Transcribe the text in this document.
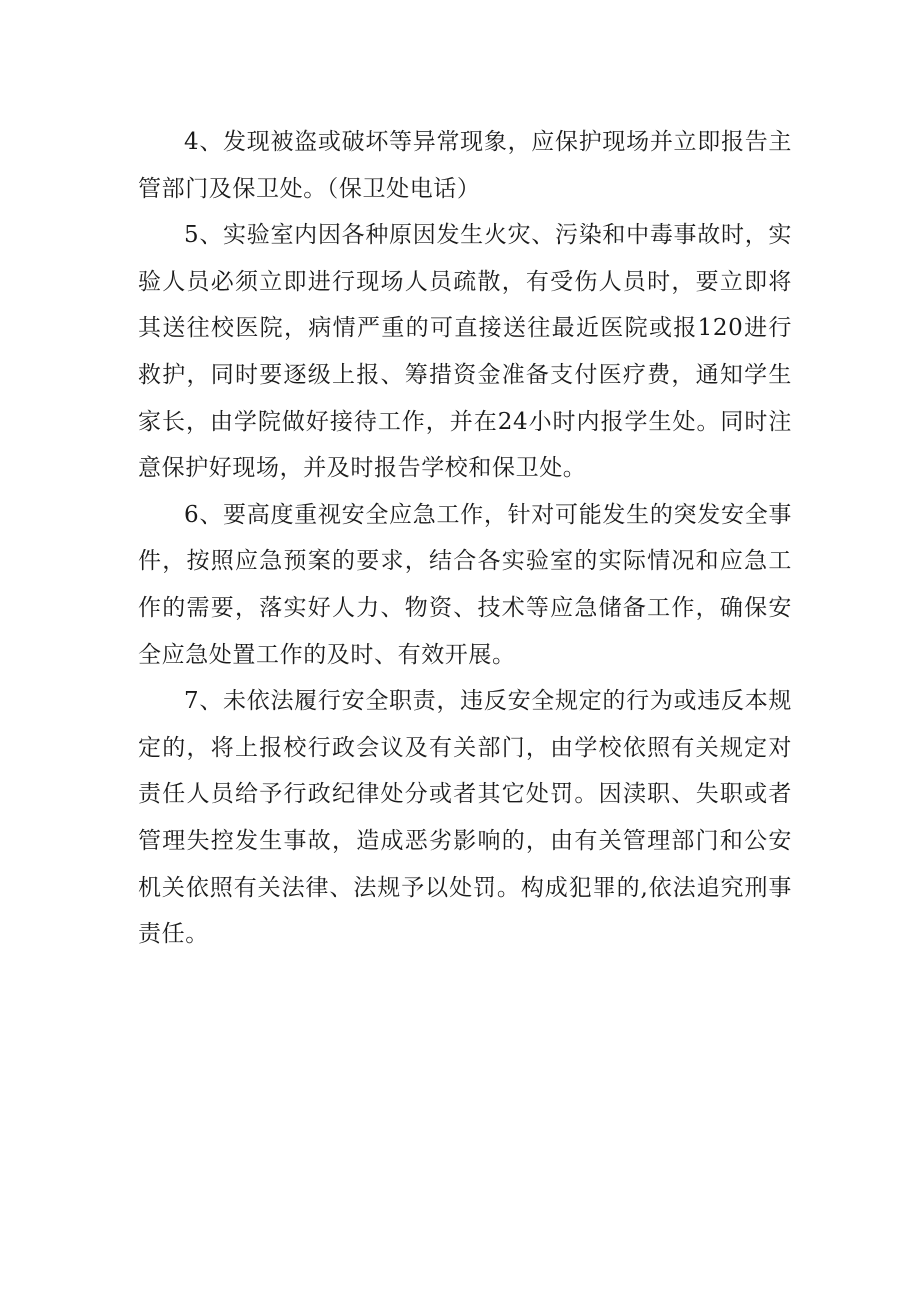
4、发现被盗或破坏等异常现象，应保护现场并立即报告主管部门及保卫处。（保卫处电话）

5、实验室内因各种原因发生火灾、污染和中毒事故时，实验人员必须立即进行现场人员疏散，有受伤人员时，要立即将其送往校医院，病情严重的可直接送往最近医院或报120进行救护，同时要逐级上报、筹措资金准备支付医疗费，通知学生家长，由学院做好接待工作，并在24小时内报学生处。同时注意保护好现场，并及时报告学校和保卫处。

6、要高度重视安全应急工作，针对可能发生的突发安全事件，按照应急预案的要求，结合各实验室的实际情况和应急工作的需要，落实好人力、物资、技术等应急储备工作，确保安全应急处置工作的及时、有效开展。

7、未依法履行安全职责，违反安全规定的行为或违反本规定的，将上报校行政会议及有关部门，由学校依照有关规定对责任人员给予行政纪律处分或者其它处罚。因渎职、失职或者管理失控发生事故，造成恶劣影响的，由有关管理部门和公安机关依照有关法律、法规予以处罚。构成犯罪的,依法追究刑事责任。
